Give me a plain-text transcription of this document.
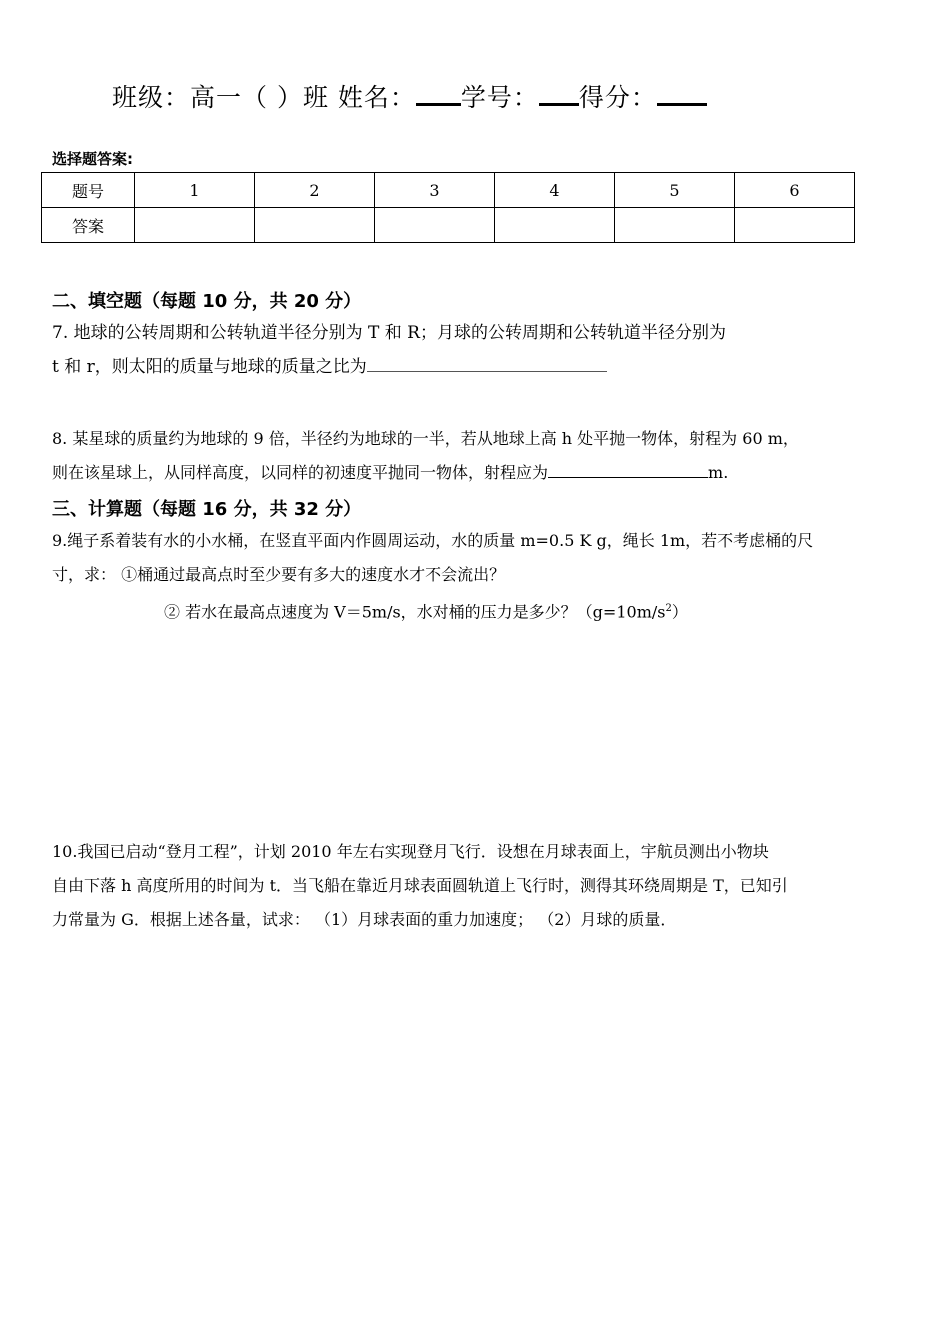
班级：高一（ ）班 姓名： 学号： 得分：
选择题答案:
题号	1	2	3	4	5	6
答案						
二、填空题（每题 10 分，共 20 分）
7. 地球的公转周期和公转轨道半径分别为 T 和 R；月球的公转周期和公转轨道半径分别为
t 和 r，则太阳的质量与地球的质量之比为
8. 某星球的质量约为地球的 9 倍，半径约为地球的一半，若从地球上高 h 处平抛一物体，射程为 60 m，
则在该星球上，从同样高度，以同样的初速度平抛同一物体，射程应为	m.
三、计算题（每题 16 分，共 32 分）
9.绳子系着装有水的小水桶，在竖直平面内作圆周运动，水的质量 m=0.5 K g，绳长 1m，若不考虑桶的尺
寸，求： ①桶通过最高点时至少要有多大的速度水才不会流出？
② 若水在最高点速度为 V＝5m/s，水对桶的压力是多少？$(g=10m/s^2)$
10.我国已启动“登月工程”，计划 2010 年左右实现登月飞行．设想在月球表面上，宇航员测出小物块
自由下落 h 高度所用的时间为 t．当飞船在靠近月球表面圆轨道上飞行时，测得其环绕周期是 T，已知引
力常量为 G．根据上述各量，试求： （1）月球表面的重力加速度； （2）月球的质量．
